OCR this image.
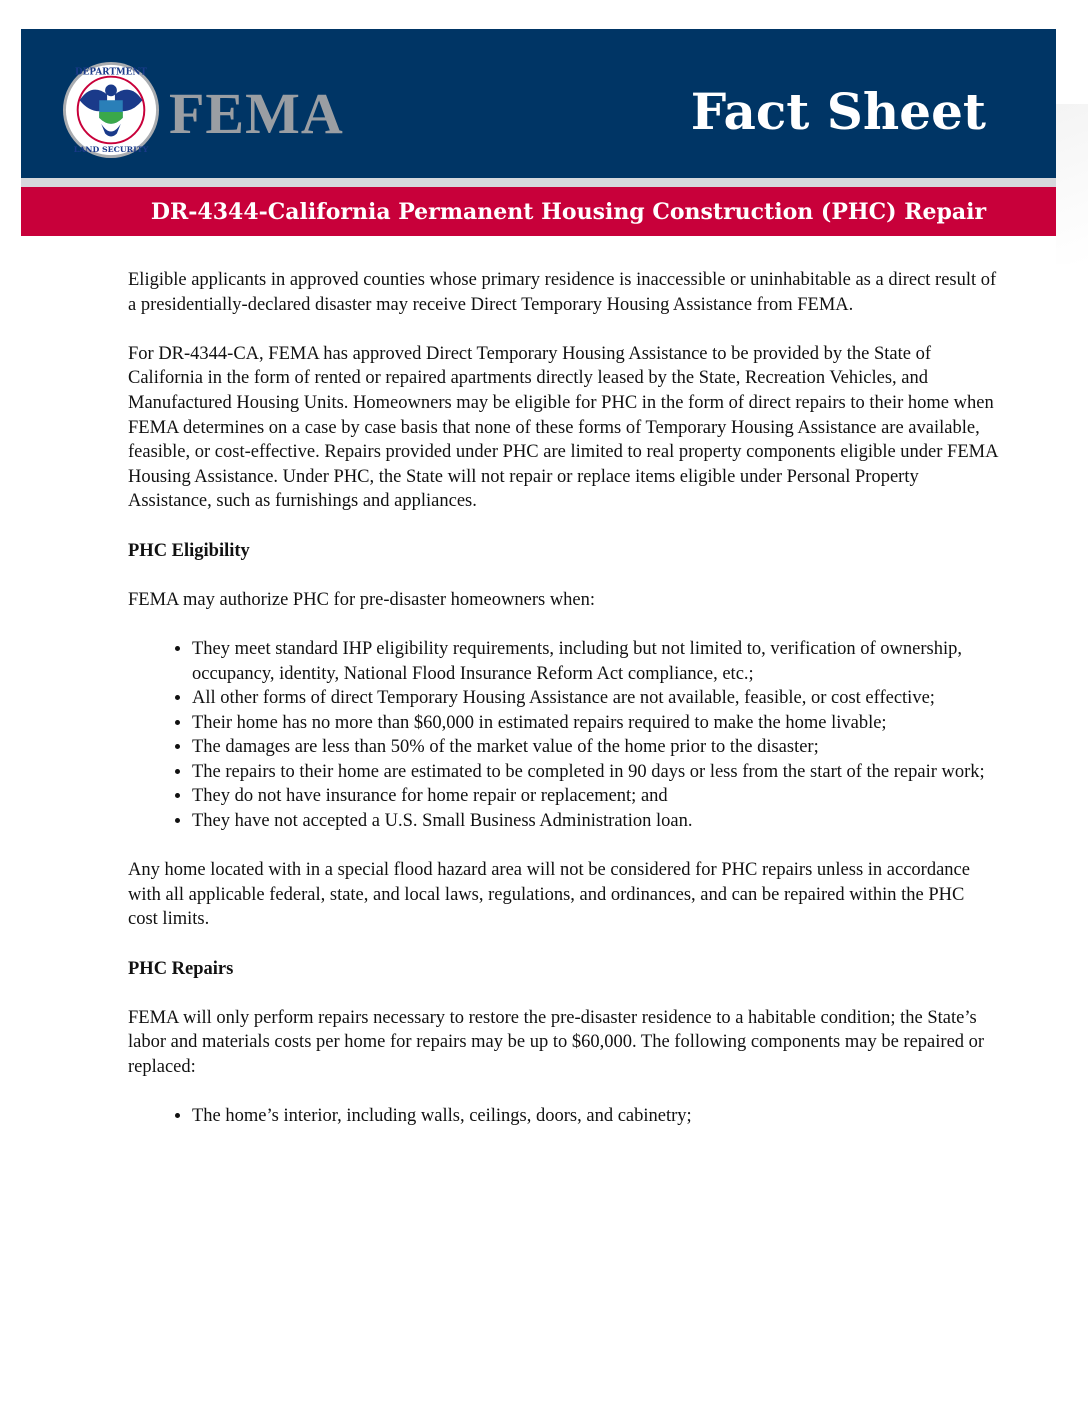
DEPARTMENT
LAND SECURITY
FEMA	Fact Sheet
DR-4344-California Permanent Housing Construction (PHC) Repair

Eligible applicants in approved counties whose primary residence is inaccessible or uninhabitable as a direct result of a presidentially-declared disaster may receive Direct Temporary Housing Assistance from FEMA.

For DR-4344-CA, FEMA has approved Direct Temporary Housing Assistance to be provided by the State of California in the form of rented or repaired apartments directly leased by the State, Recreation Vehicles, and Manufactured Housing Units. Homeowners may be eligible for PHC in the form of direct repairs to their home when FEMA determines on a case by case basis that none of these forms of Temporary Housing Assistance are available, feasible, or cost-effective. Repairs provided under PHC are limited to real property components eligible under FEMA Housing Assistance. Under PHC, the State will not repair or replace items eligible under Personal Property Assistance, such as furnishings and appliances.

PHC Eligibility

FEMA may authorize PHC for pre-disaster homeowners when:

• They meet standard IHP eligibility requirements, including but not limited to, verification of ownership, occupancy, identity, National Flood Insurance Reform Act compliance, etc.;
• All other forms of direct Temporary Housing Assistance are not available, feasible, or cost effective;
• Their home has no more than $60,000 in estimated repairs required to make the home livable;
• The damages are less than 50% of the market value of the home prior to the disaster;
• The repairs to their home are estimated to be completed in 90 days or less from the start of the repair work;
• They do not have insurance for home repair or replacement; and
• They have not accepted a U.S. Small Business Administration loan.

Any home located with in a special flood hazard area will not be considered for PHC repairs unless in accordance with all applicable federal, state, and local laws, regulations, and ordinances, and can be repaired within the PHC cost limits.

PHC Repairs

FEMA will only perform repairs necessary to restore the pre-disaster residence to a habitable condition; the State’s labor and materials costs per home for repairs may be up to $60,000. The following components may be repaired or replaced:

• The home’s interior, including walls, ceilings, doors, and cabinetry;
